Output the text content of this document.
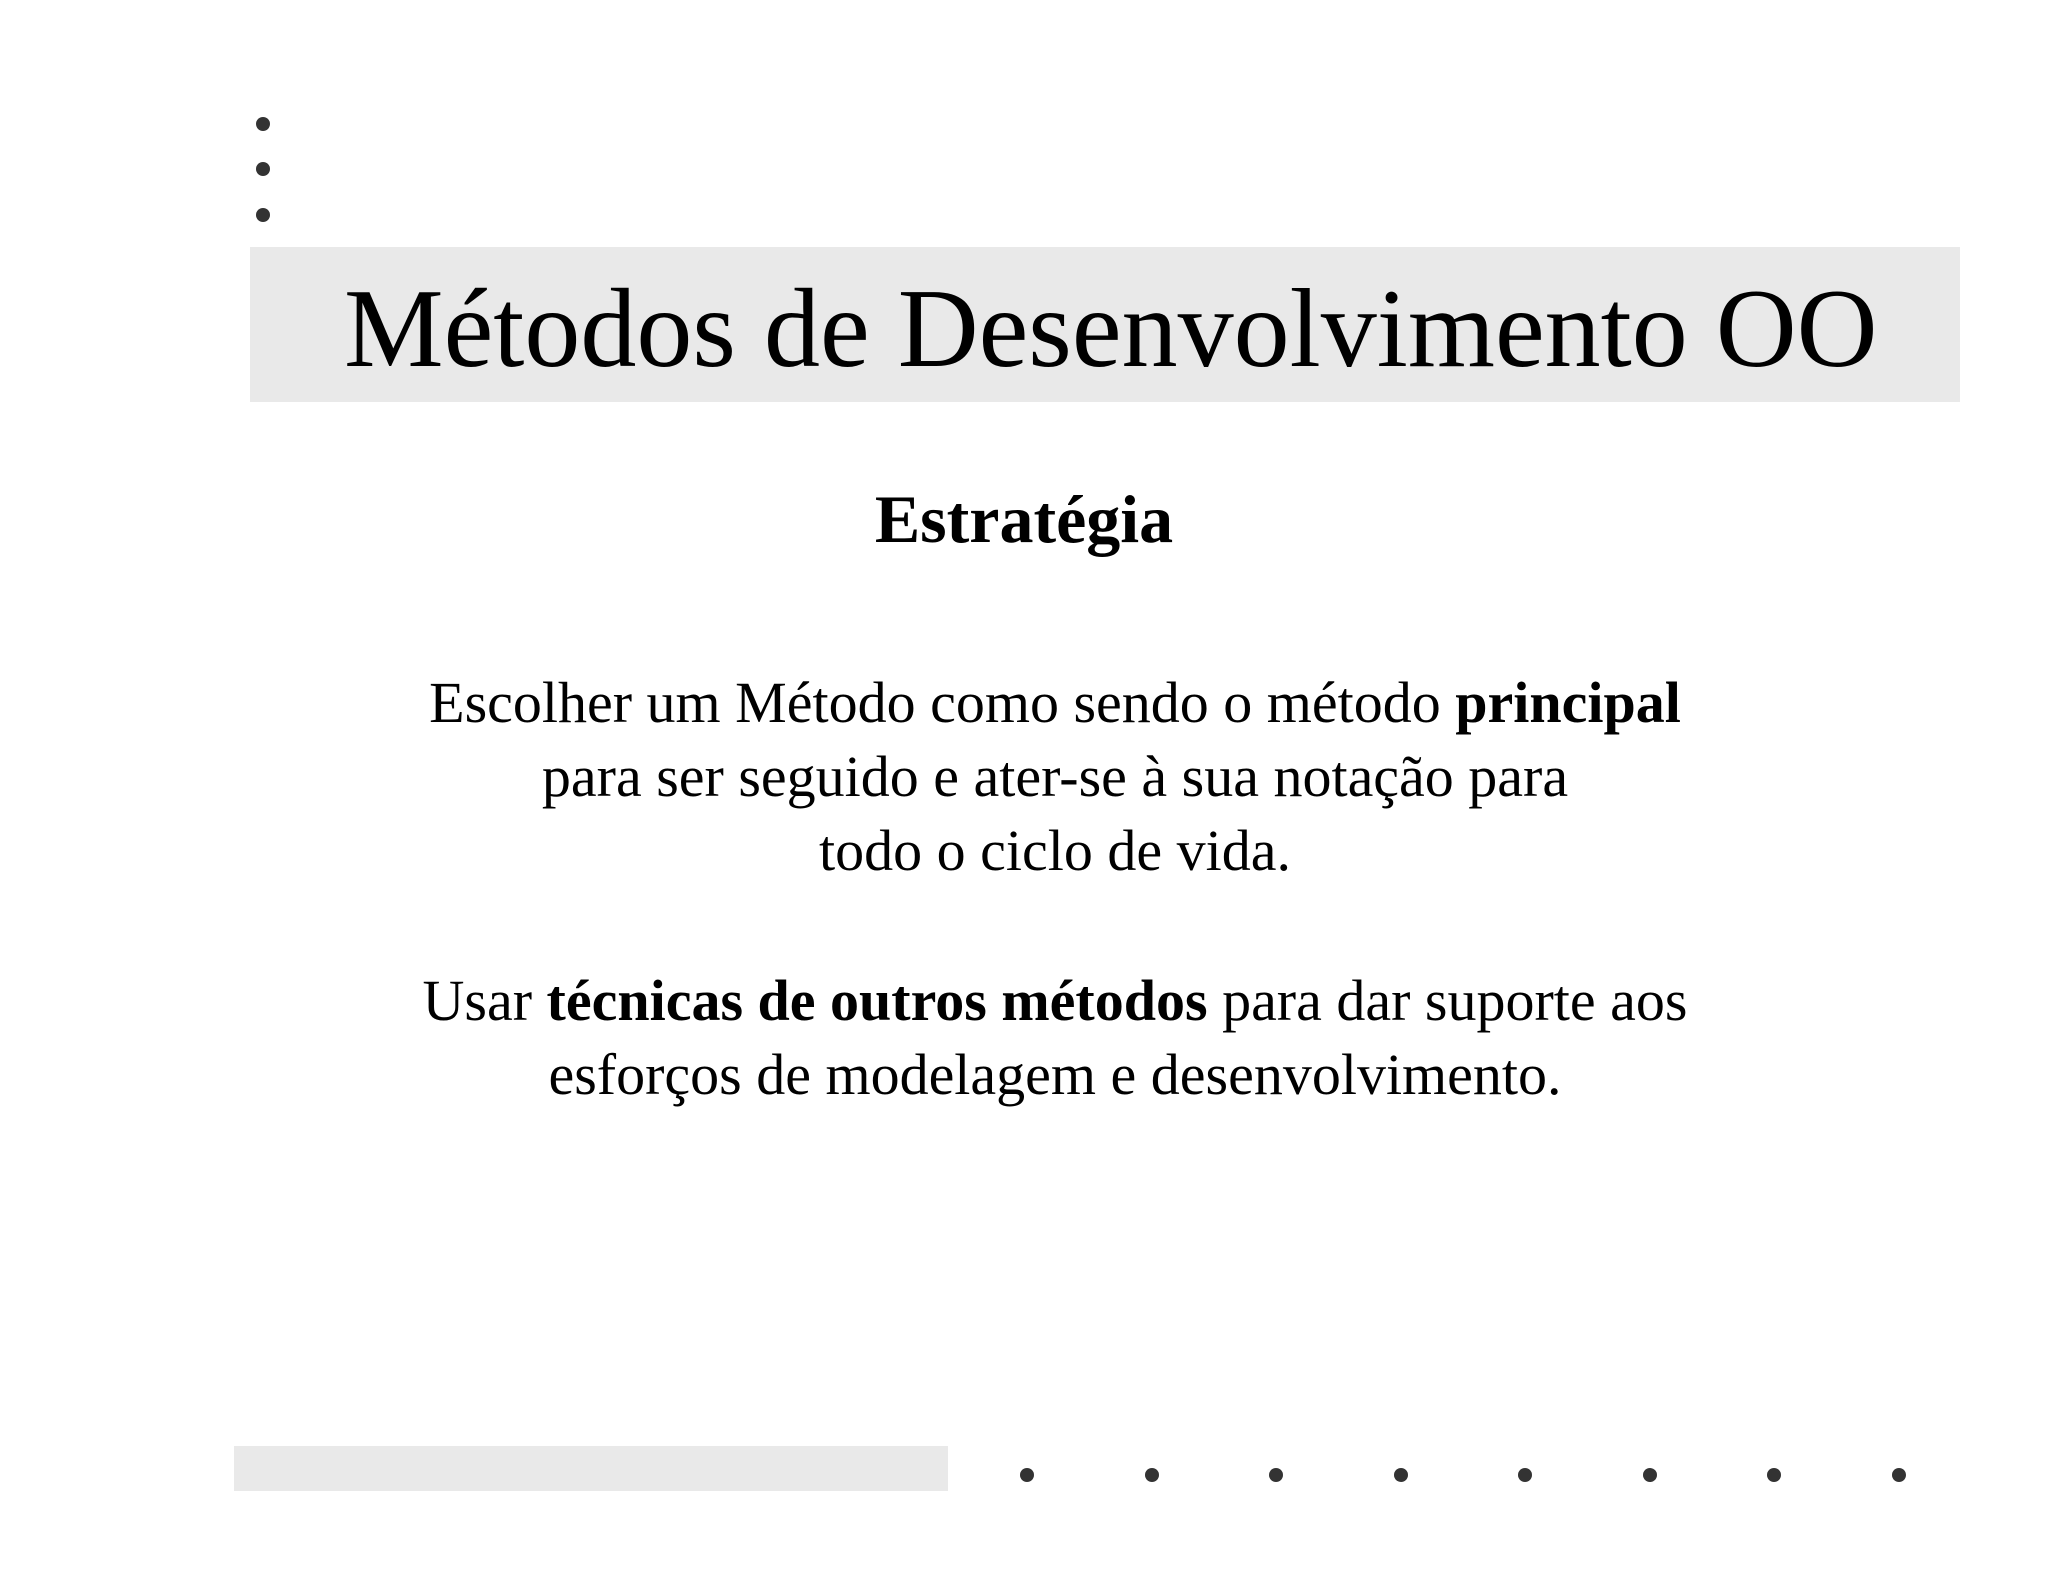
Métodos de Desenvolvimento OO
Estratégia

Escolher um Método como sendo o método principal
para ser seguido e ater-se à sua notação para
todo o ciclo de vida.

Usar técnicas de outros métodos para dar suporte aos
esforços de modelagem e desenvolvimento.
